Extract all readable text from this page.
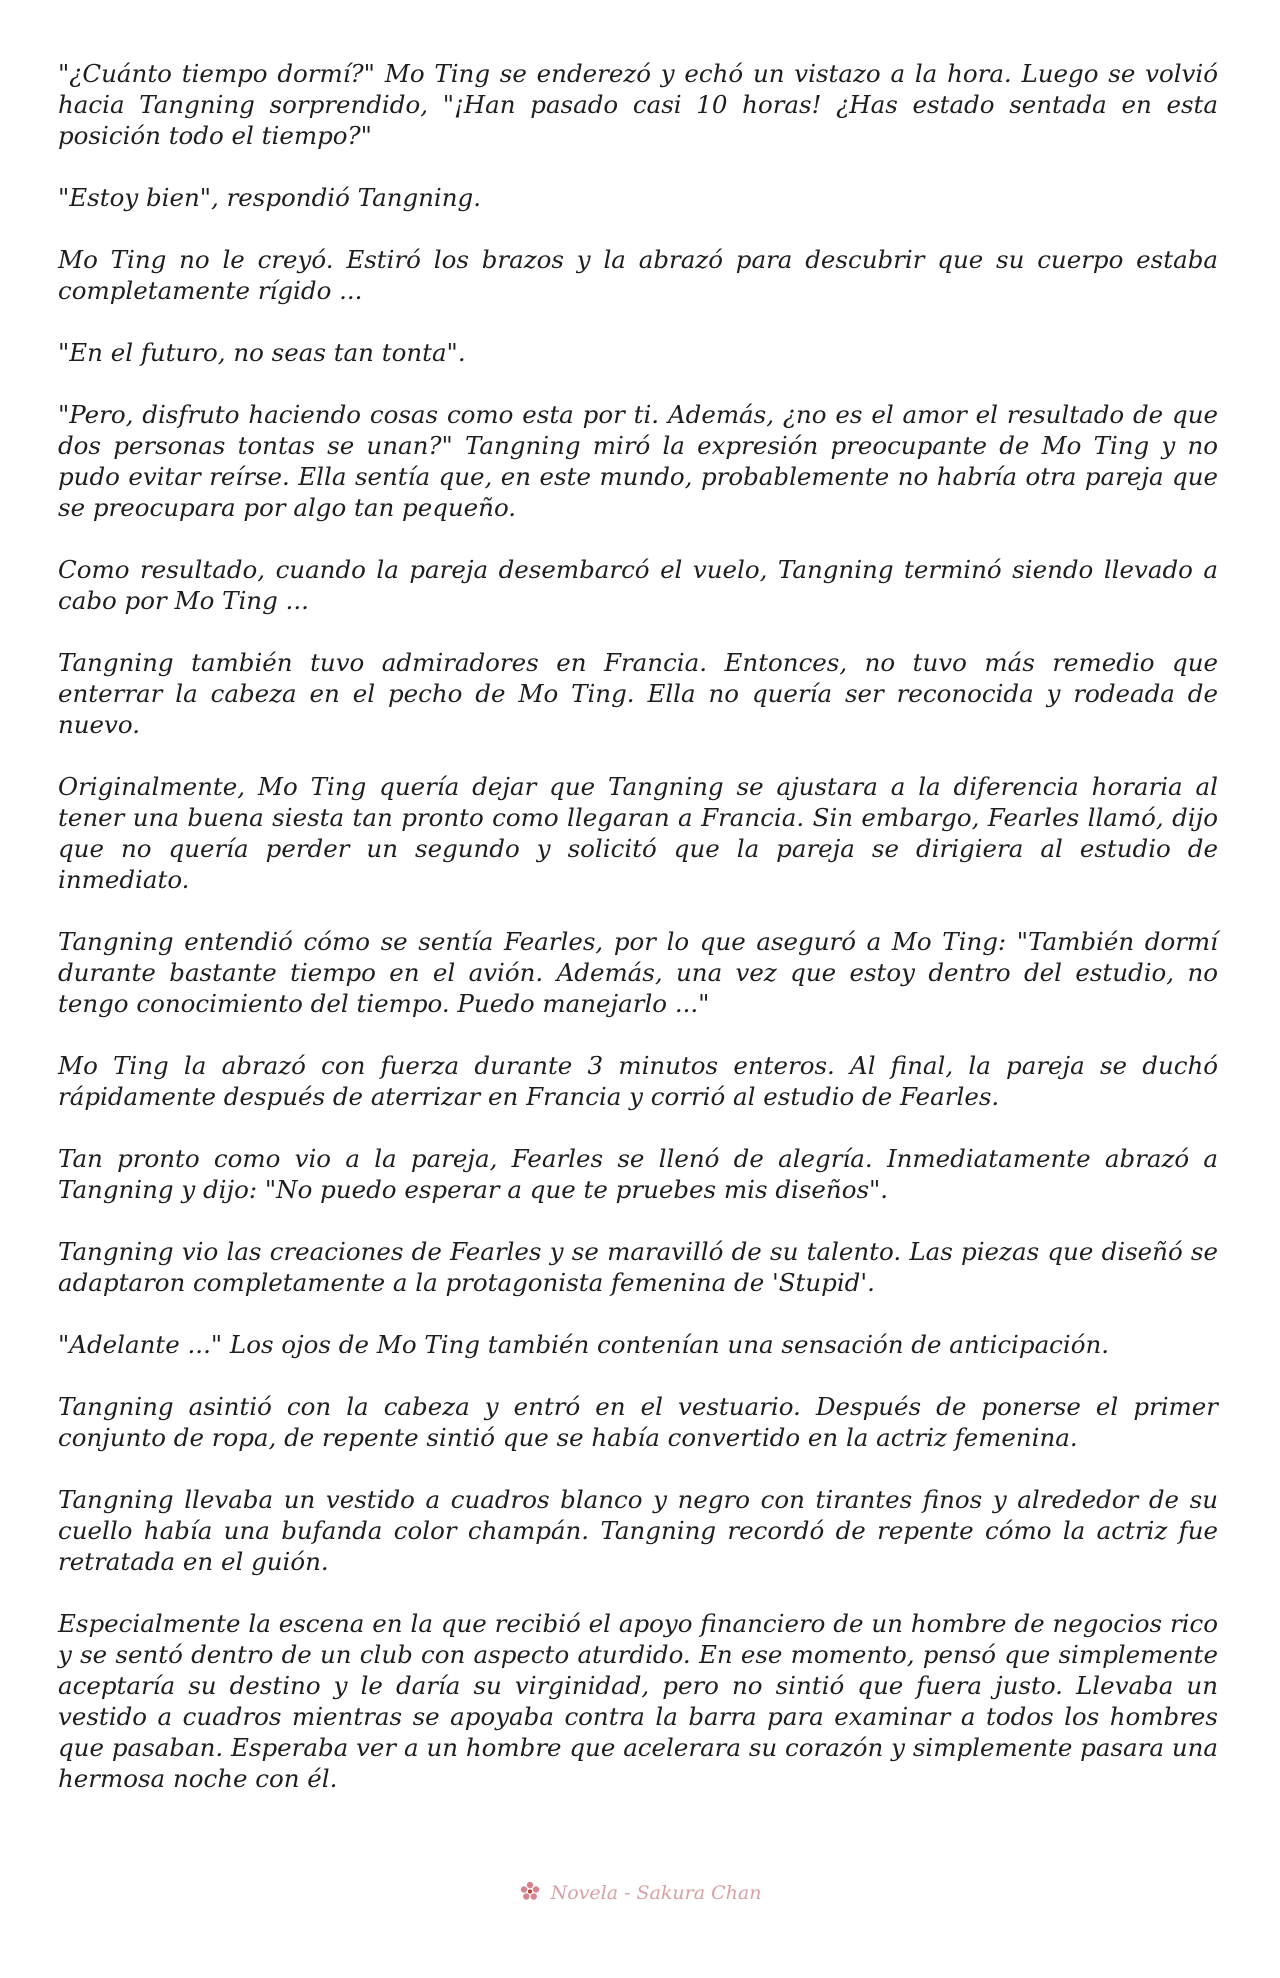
"¿Cuánto tiempo dormí?" Mo Ting se enderezó y echó un vistazo a la hora. Luego se volvió hacia Tangning sorprendido, "¡Han pasado casi 10 horas! ¿Has estado sentada en esta posición todo el tiempo?"

"Estoy bien", respondió Tangning.

Mo Ting no le creyó. Estiró los brazos y la abrazó para descubrir que su cuerpo estaba completamente rígido ...

"En el futuro, no seas tan tonta".

"Pero, disfruto haciendo cosas como esta por ti. Además, ¿no es el amor el resultado de que dos personas tontas se unan?" Tangning miró la expresión preocupante de Mo Ting y no pudo evitar reírse. Ella sentía que, en este mundo, probablemente no habría otra pareja que se preocupara por algo tan pequeño.

Como resultado, cuando la pareja desembarcó el vuelo, Tangning terminó siendo llevado a cabo por Mo Ting ...

Tangning también tuvo admiradores en Francia. Entonces, no tuvo más remedio que enterrar la cabeza en el pecho de Mo Ting. Ella no quería ser reconocida y rodeada de nuevo.

Originalmente, Mo Ting quería dejar que Tangning se ajustara a la diferencia horaria al tener una buena siesta tan pronto como llegaran a Francia. Sin embargo, Fearles llamó, dijo que no quería perder un segundo y solicitó que la pareja se dirigiera al estudio de inmediato.

Tangning entendió cómo se sentía Fearles, por lo que aseguró a Mo Ting: "También dormí durante bastante tiempo en el avión. Además, una vez que estoy dentro del estudio, no tengo conocimiento del tiempo. Puedo manejarlo ..."

Mo Ting la abrazó con fuerza durante 3 minutos enteros. Al final, la pareja se duchó rápidamente después de aterrizar en Francia y corrió al estudio de Fearles.

Tan pronto como vio a la pareja, Fearles se llenó de alegría. Inmediatamente abrazó a Tangning y dijo: "No puedo esperar a que te pruebes mis diseños".

Tangning vio las creaciones de Fearles y se maravilló de su talento. Las piezas que diseñó se adaptaron completamente a la protagonista femenina de 'Stupid'.

"Adelante ..." Los ojos de Mo Ting también contenían una sensación de anticipación.

Tangning asintió con la cabeza y entró en el vestuario. Después de ponerse el primer conjunto de ropa, de repente sintió que se había convertido en la actriz femenina.

Tangning llevaba un vestido a cuadros blanco y negro con tirantes finos y alrededor de su cuello había una bufanda color champán. Tangning recordó de repente cómo la actriz fue retratada en el guión.

Especialmente la escena en la que recibió el apoyo financiero de un hombre de negocios rico y se sentó dentro de un club con aspecto aturdido. En ese momento, pensó que simplemente aceptaría su destino y le daría su virginidad, pero no sintió que fuera justo. Llevaba un vestido a cuadros mientras se apoyaba contra la barra para examinar a todos los hombres que pasaban. Esperaba ver a un hombre que acelerara su corazón y simplemente pasara una hermosa noche con él.

Novela - Sakura Chan
